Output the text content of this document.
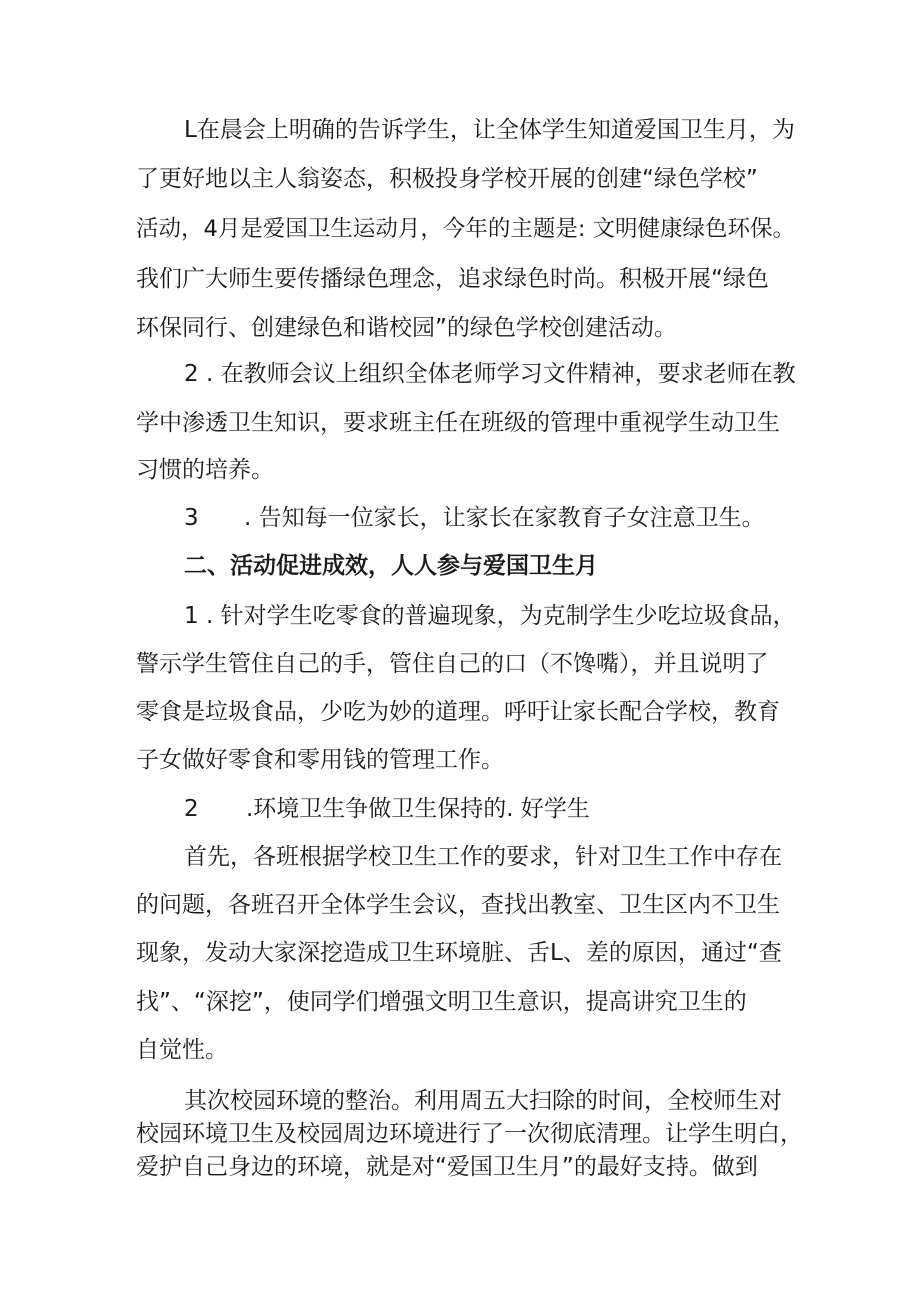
L在晨会上明确的告诉学生，让全体学生知道爱国卫生月，为

了更好地以主人翁姿态，积极投身学校开展的创建“绿色学校”

活动，4月是爱国卫生运动月，今年的主题是: 文明健康绿色环保。

我们广大师生要传播绿色理念，追求绿色时尚。积极开展“绿色

环保同行、创建绿色和谐校园”的绿色学校创建活动。

2 . 在教师会议上组织全体老师学习文件精神，要求老师在教

学中渗透卫生知识，要求班主任在班级的管理中重视学生动卫生

习惯的培养。

3 . 告知每一位家长，让家长在家教育子女注意卫生。

二、活动促进成效，人人参与爱国卫生月

1 . 针对学生吃零食的普遍现象，为克制学生少吃垃圾食品，

警示学生管住自己的手，管住自己的口（不馋嘴），并且说明了

零食是垃圾食品，少吃为妙的道理。呼吁让家长配合学校，教育

子女做好零食和零用钱的管理工作。

2 .环境卫生争做卫生保持的. 好学生

首先，各班根据学校卫生工作的要求，针对卫生工作中存在

的问题，各班召开全体学生会议，查找出教室、卫生区内不卫生

现象，发动大家深挖造成卫生环境脏、舌L、差的原因，通过“查

找”、“深挖”，使同学们增强文明卫生意识，提高讲究卫生的

自觉性。

其次校园环境的整治。利用周五大扫除的时间，全校师生对

校园环境卫生及校园周边环境进行了一次彻底清理。让学生明白，

爱护自己身边的环境，就是对“爱国卫生月”的最好支持。做到
